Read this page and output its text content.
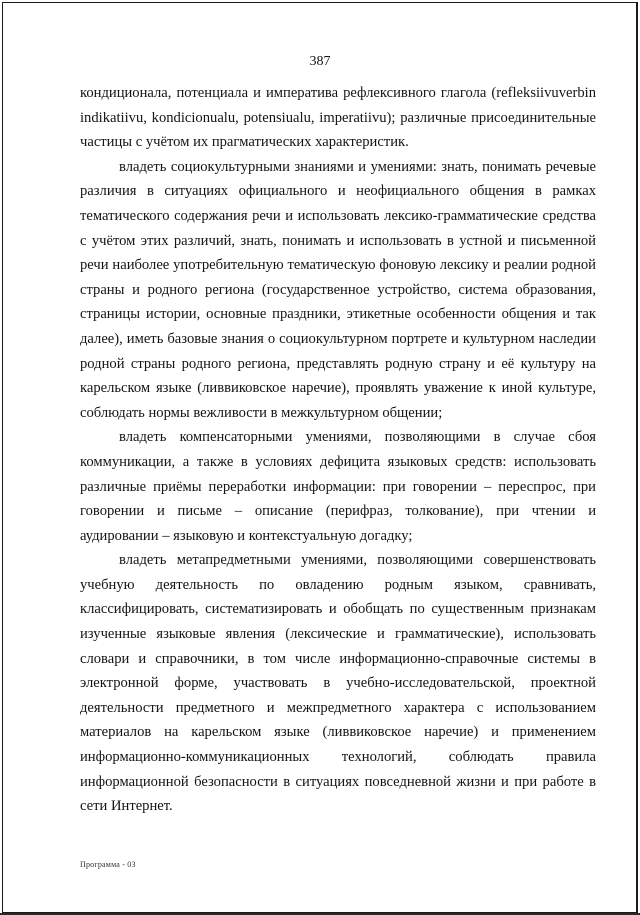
387

кондиционала, потенциала и императива рефлексивного глагола (refleksiivuverbin indikatiivu, kondicionualu, potensiualu, imperatiivu); различные присоединительные частицы с учётом их прагматических характеристик.

владеть социокультурными знаниями и умениями: знать, понимать речевые различия в ситуациях официального и неофициального общения в рамках тематического содержания речи и использовать лексико-грамматические средства с учётом этих различий, знать, понимать и использовать в устной и письменной речи наиболее употребительную тематическую фоновую лексику и реалии родной страны и родного региона (государственное устройство, система образования, страницы истории, основные праздники, этикетные особенности общения и так далее), иметь базовые знания о социокультурном портрете и культурном наследии родной страны родного региона, представлять родную страну и её культуру на карельском языке (ливвиковское наречие), проявлять уважение к иной культуре, соблюдать нормы вежливости в межкультурном общении;

владеть компенсаторными умениями, позволяющими в случае сбоя коммуникации, а также в условиях дефицита языковых средств: использовать различные приёмы переработки информации: при говорении – переспрос, при говорении и письме – описание (перифраз, толкование), при чтении и аудировании – языковую и контекстуальную догадку;

владеть метапредметными умениями, позволяющими совершенствовать учебную деятельность по овладению родным языком, сравнивать, классифицировать, систематизировать и обобщать по существенным признакам изученные языковые явления (лексические и грамматические), использовать словари и справочники, в том числе информационно-справочные системы в электронной форме, участвовать в учебно-исследовательской, проектной деятельности предметного и межпредметного характера с использованием материалов на карельском языке (ливвиковское наречие) и применением информационно-коммуникационных технологий, соблюдать правила информационной безопасности в ситуациях повседневной жизни и при работе в сети Интернет.

Программа - 03
